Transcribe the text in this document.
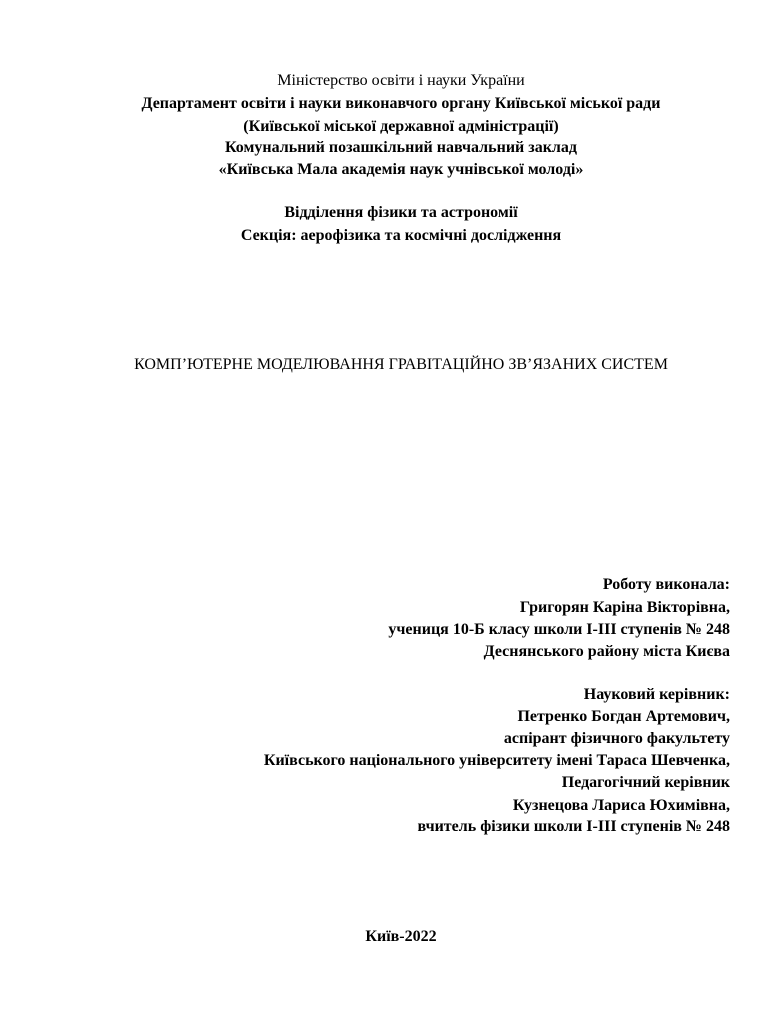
Міністерство освіти і науки України
Департамент освіти і науки виконавчого органу Київської міської ради
(Київської міської державної адміністрації)
Комунальний позашкільний навчальний заклад
«Київська Мала академія наук учнівської молоді»
Відділення фізики та астрономії
Секція: аерофізика та космічні дослідження
КОМП’ЮТЕРНЕ МОДЕЛЮВАННЯ ГРАВІТАЦІЙНО ЗВ’ЯЗАНИХ СИСТЕМ
Роботу виконала:
Григорян Каріна Вікторівна,
учениця 10-Б класу школи І-ІІІ ступенів № 248
Деснянського району міста Києва
Науковий керівник:
Петренко Богдан Артемович,
аспірант фізичного факультету
Київського національного університету імені Тараса Шевченка,
Педагогічний керівник
Кузнецова Лариса Юхимівна,
вчитель фізики школи І-ІІІ ступенів № 248
Київ-2022
